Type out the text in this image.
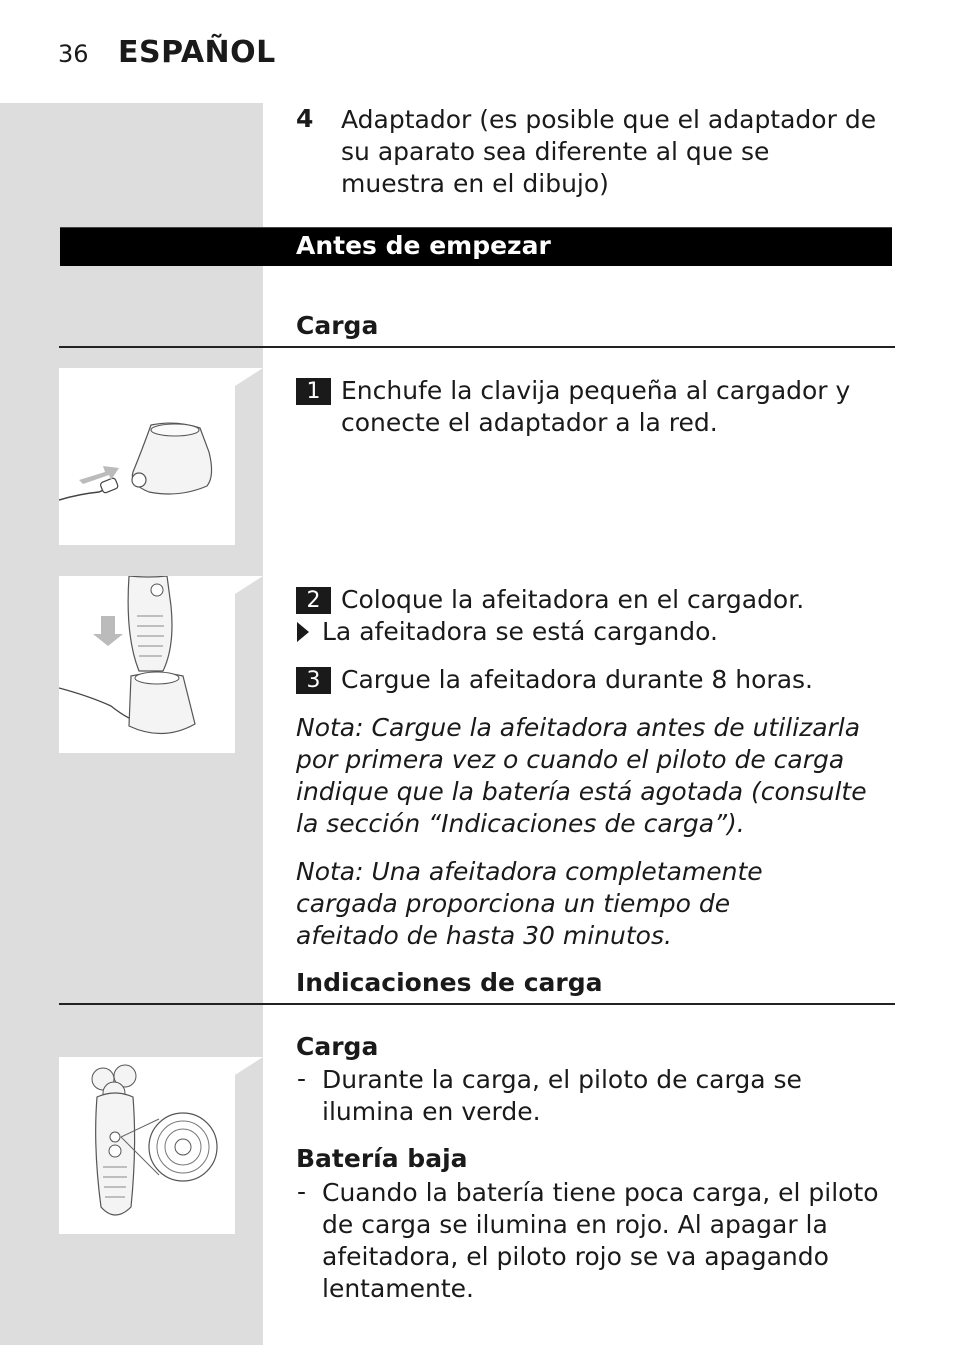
36 ESPAÑOL
4 Adaptador (es posible que el adaptador de su aparato sea diferente al que se muestra en el dibujo)
Antes de empezar
Carga
1 Enchufe la clavija pequeña al cargador y conecte el adaptador a la red.
2 Coloque la afeitadora en el cargador.
La afeitadora se está cargando.
3 Cargue la afeitadora durante 8 horas.
Nota: Cargue la afeitadora antes de utilizarla por primera vez o cuando el piloto de carga indique que la batería está agotada (consulte la sección “Indicaciones de carga”).
Nota: Una afeitadora completamente cargada proporciona un tiempo de afeitado de hasta 30 minutos.
Indicaciones de carga
Carga
- Durante la carga, el piloto de carga se ilumina en verde.
Batería baja
- Cuando la batería tiene poca carga, el piloto de carga se ilumina en rojo. Al apagar la afeitadora, el piloto rojo se va apagando lentamente.
